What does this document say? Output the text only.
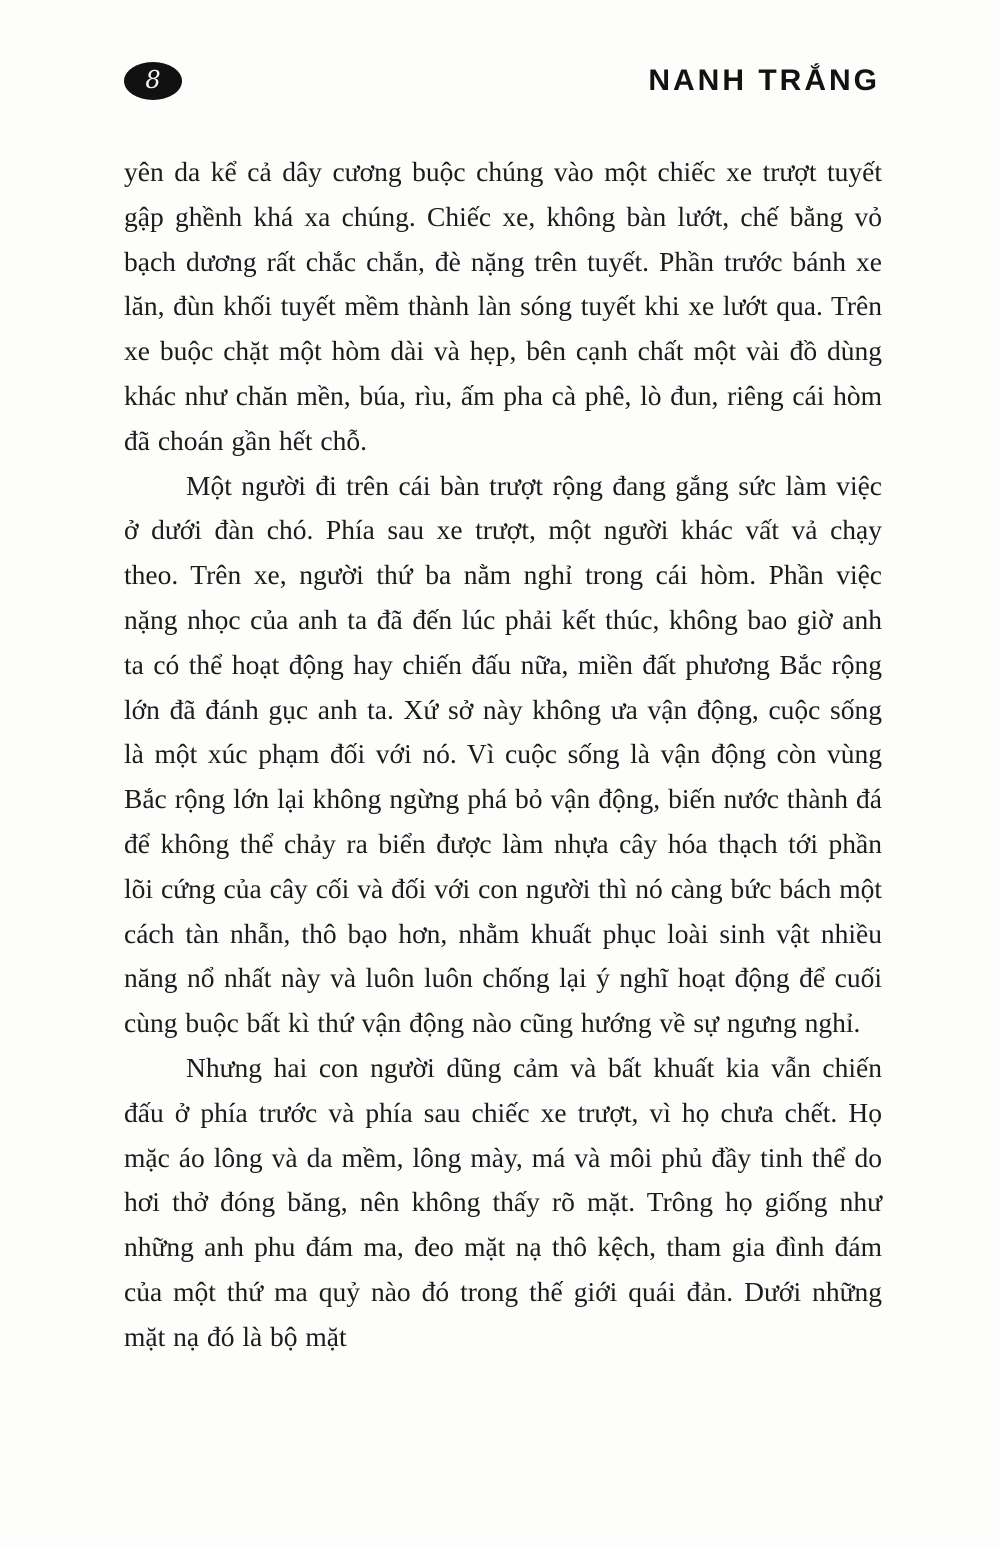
8	NANH TRẮNG

yên da kể cả dây cương buộc chúng vào một chiếc xe trượt tuyết gập ghềnh khá xa chúng. Chiếc xe, không bàn lướt, chế bằng vỏ bạch dương rất chắc chắn, đè nặng trên tuyết. Phần trước bánh xe lăn, đùn khối tuyết mềm thành làn sóng tuyết khi xe lướt qua. Trên xe buộc chặt một hòm dài và hẹp, bên cạnh chất một vài đồ dùng khác như chăn mền, búa, rìu, ấm pha cà phê, lò đun, riêng cái hòm đã choán gần hết chỗ.

Một người đi trên cái bàn trượt rộng đang gắng sức làm việc ở dưới đàn chó. Phía sau xe trượt, một người khác vất vả chạy theo. Trên xe, người thứ ba nằm nghỉ trong cái hòm. Phần việc nặng nhọc của anh ta đã đến lúc phải kết thúc, không bao giờ anh ta có thể hoạt động hay chiến đấu nữa, miền đất phương Bắc rộng lớn đã đánh gục anh ta. Xứ sở này không ưa vận động, cuộc sống là một xúc phạm đối với nó. Vì cuộc sống là vận động còn vùng Bắc rộng lớn lại không ngừng phá bỏ vận động, biến nước thành đá để không thể chảy ra biển được làm nhựa cây hóa thạch tới phần lõi cứng của cây cối và đối với con người thì nó càng bức bách một cách tàn nhẫn, thô bạo hơn, nhằm khuất phục loài sinh vật nhiều năng nổ nhất này và luôn luôn chống lại ý nghĩ hoạt động để cuối cùng buộc bất kì thứ vận động nào cũng hướng về sự ngưng nghỉ.

Nhưng hai con người dũng cảm và bất khuất kia vẫn chiến đấu ở phía trước và phía sau chiếc xe trượt, vì họ chưa chết. Họ mặc áo lông và da mềm, lông mày, má và môi phủ đầy tinh thể do hơi thở đóng băng, nên không thấy rõ mặt. Trông họ giống như những anh phu đám ma, đeo mặt nạ thô kệch, tham gia đình đám của một thứ ma quỷ nào đó trong thế giới quái đản. Dưới những mặt nạ đó là bộ mặt
